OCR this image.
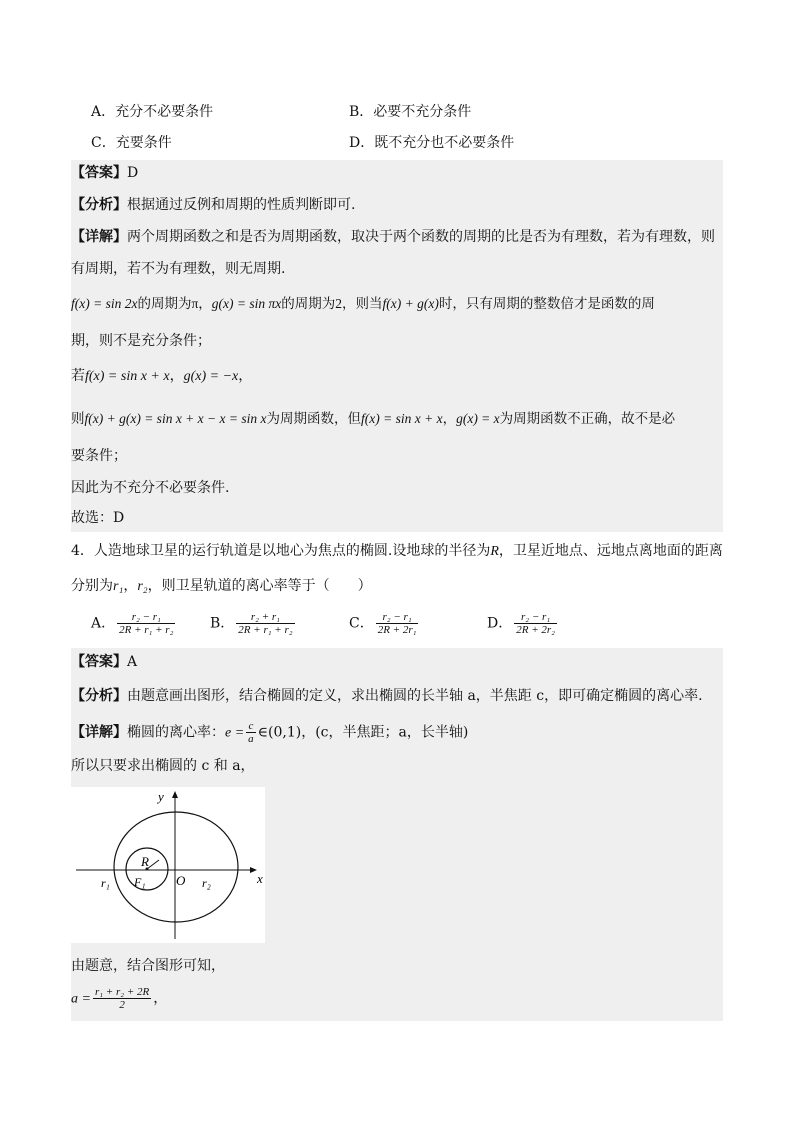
A．充分不必要条件	B．必要不充分条件
C．充要条件	D．既不充分也不必要条件
【答案】D
【分析】根据通过反例和周期的性质判断即可.
【详解】两个周期函数之和是否为周期函数，取决于两个函数的周期的比是否为有理数，若为有理数，则
有周期，若不为有理数，则无周期.
f(x) = sin 2x的周期为π，g(x) = sin πx的周期为2，则当f(x) + g(x)时，只有周期的整数倍才是函数的周
期，则不是充分条件；
若f(x) = sin x + x，g(x) = −x，
则f(x) + g(x) = sin x + x − x = sin x为周期函数，但f(x) = sin x + x，g(x) = x为周期函数不正确，故不是必
要条件；
因此为不充分不必要条件.
故选：D
4．人造地球卫星的运行轨道是以地心为焦点的椭圆.设地球的半径为R，卫星近地点、远地点离地面的距离
分别为r₁，r₂，则卫星轨道的离心率等于（　　）
A． $\frac{\text{r₂ − r₁}}{\text{2R + r₁ + r₂}}$ B． $\frac{\text{r₂ + r₁}}{\text{2R + r₁ + r₂}}$	C． $\frac{\text{r₂ − r₁}}{\text{2R + 2r₁}}$	D． $\frac{\text{r₂ − r₁}}{\text{2R + 2r₂}}$
【答案】A
【分析】由题意画出图形，结合椭圆的定义，求出椭圆的长半轴 a，半焦距 c，即可确定椭圆的离心率.
【详解】椭圆的离心率：$e = \frac{c}{a}$ ∈(0,1)，(c，半焦距；a，长半轴)
所以只要求出椭圆的 c 和 a，
x
y
R
F₁ O
r₁	r₂
由题意，结合图形可知，
$a = \frac{\text{r₁ + r₂ + 2R}}{2}$ ，
